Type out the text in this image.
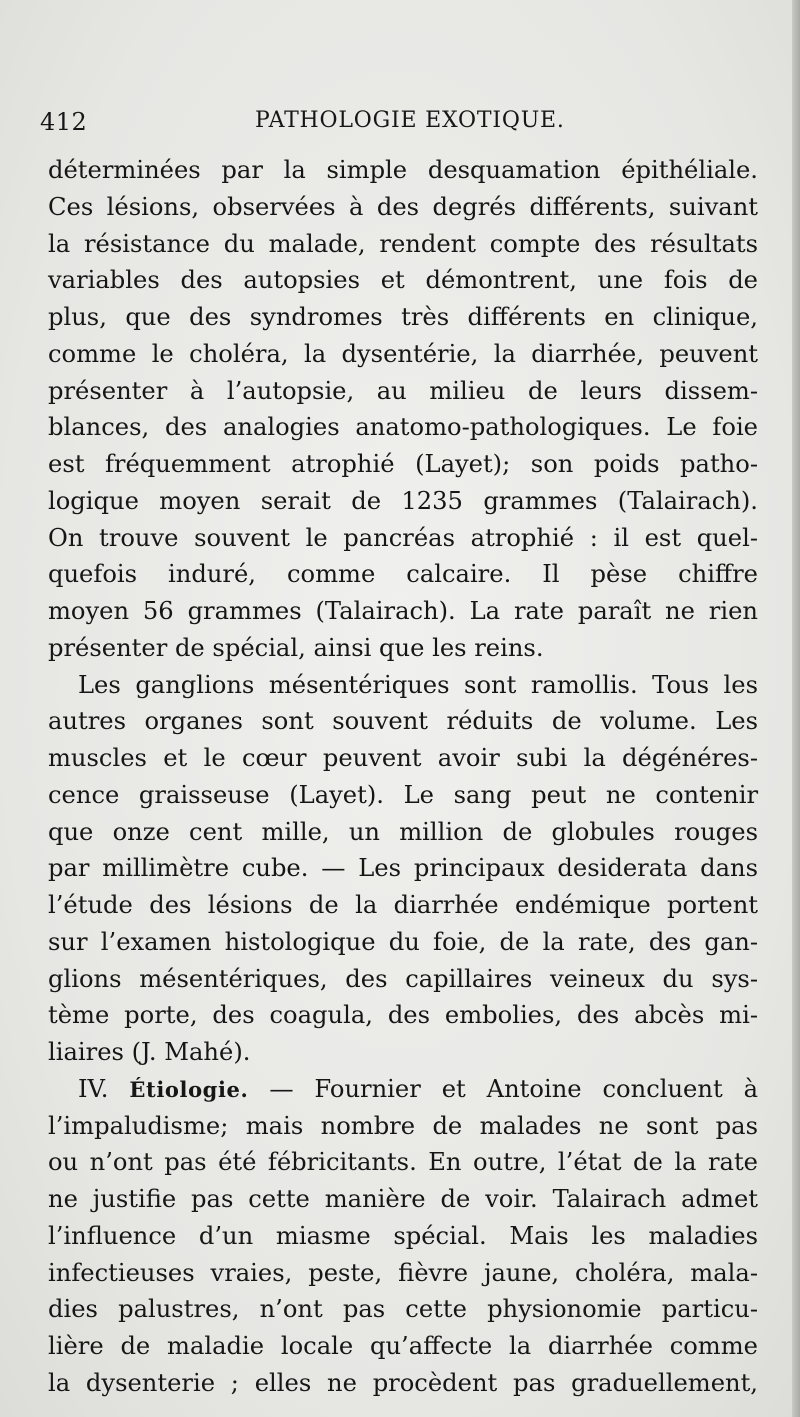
412	PATHOLOGIE EXOTIQUE.
déterminées par la simple desquamation épithéliale.
Ces lésions, observées à des degrés différents, suivant
la résistance du malade, rendent compte des résultats
variables des autopsies et démontrent, une fois de
plus, que des syndromes très différents en clinique,
comme le choléra, la dysentérie, la diarrhée, peuvent
présenter à l’autopsie, au milieu de leurs dissem-
blances, des analogies anatomo-pathologiques. Le foie
est fréquemment atrophié (Layet); son poids patho-
logique moyen serait de 1235 grammes (Talairach).
On trouve souvent le pancréas atrophié : il est quel-
quefois induré, comme calcaire. Il pèse chiffre
moyen 56 grammes (Talairach). La rate paraît ne rien
présenter de spécial, ainsi que les reins.
Les ganglions mésentériques sont ramollis. Tous les
autres organes sont souvent réduits de volume. Les
muscles et le cœur peuvent avoir subi la dégénéres-
cence graisseuse (Layet). Le sang peut ne contenir
que onze cent mille, un million de globules rouges
par millimètre cube. — Les principaux desiderata dans
l’étude des lésions de la diarrhée endémique portent
sur l’examen histologique du foie, de la rate, des gan-
glions mésentériques, des capillaires veineux du sys-
tème porte, des coagula, des embolies, des abcès mi-
liaires (J. Mahé).
IV. Étiologie. — Fournier et Antoine concluent à
l’impaludisme; mais nombre de malades ne sont pas
ou n’ont pas été fébricitants. En outre, l’état de la rate
ne justifie pas cette manière de voir. Talairach admet
l’influence d’un miasme spécial. Mais les maladies
infectieuses vraies, peste, fièvre jaune, choléra, mala-
dies palustres, n’ont pas cette physionomie particu-
lière de maladie locale qu’affecte la diarrhée comme
la dysenterie ; elles ne procèdent pas graduellement,
